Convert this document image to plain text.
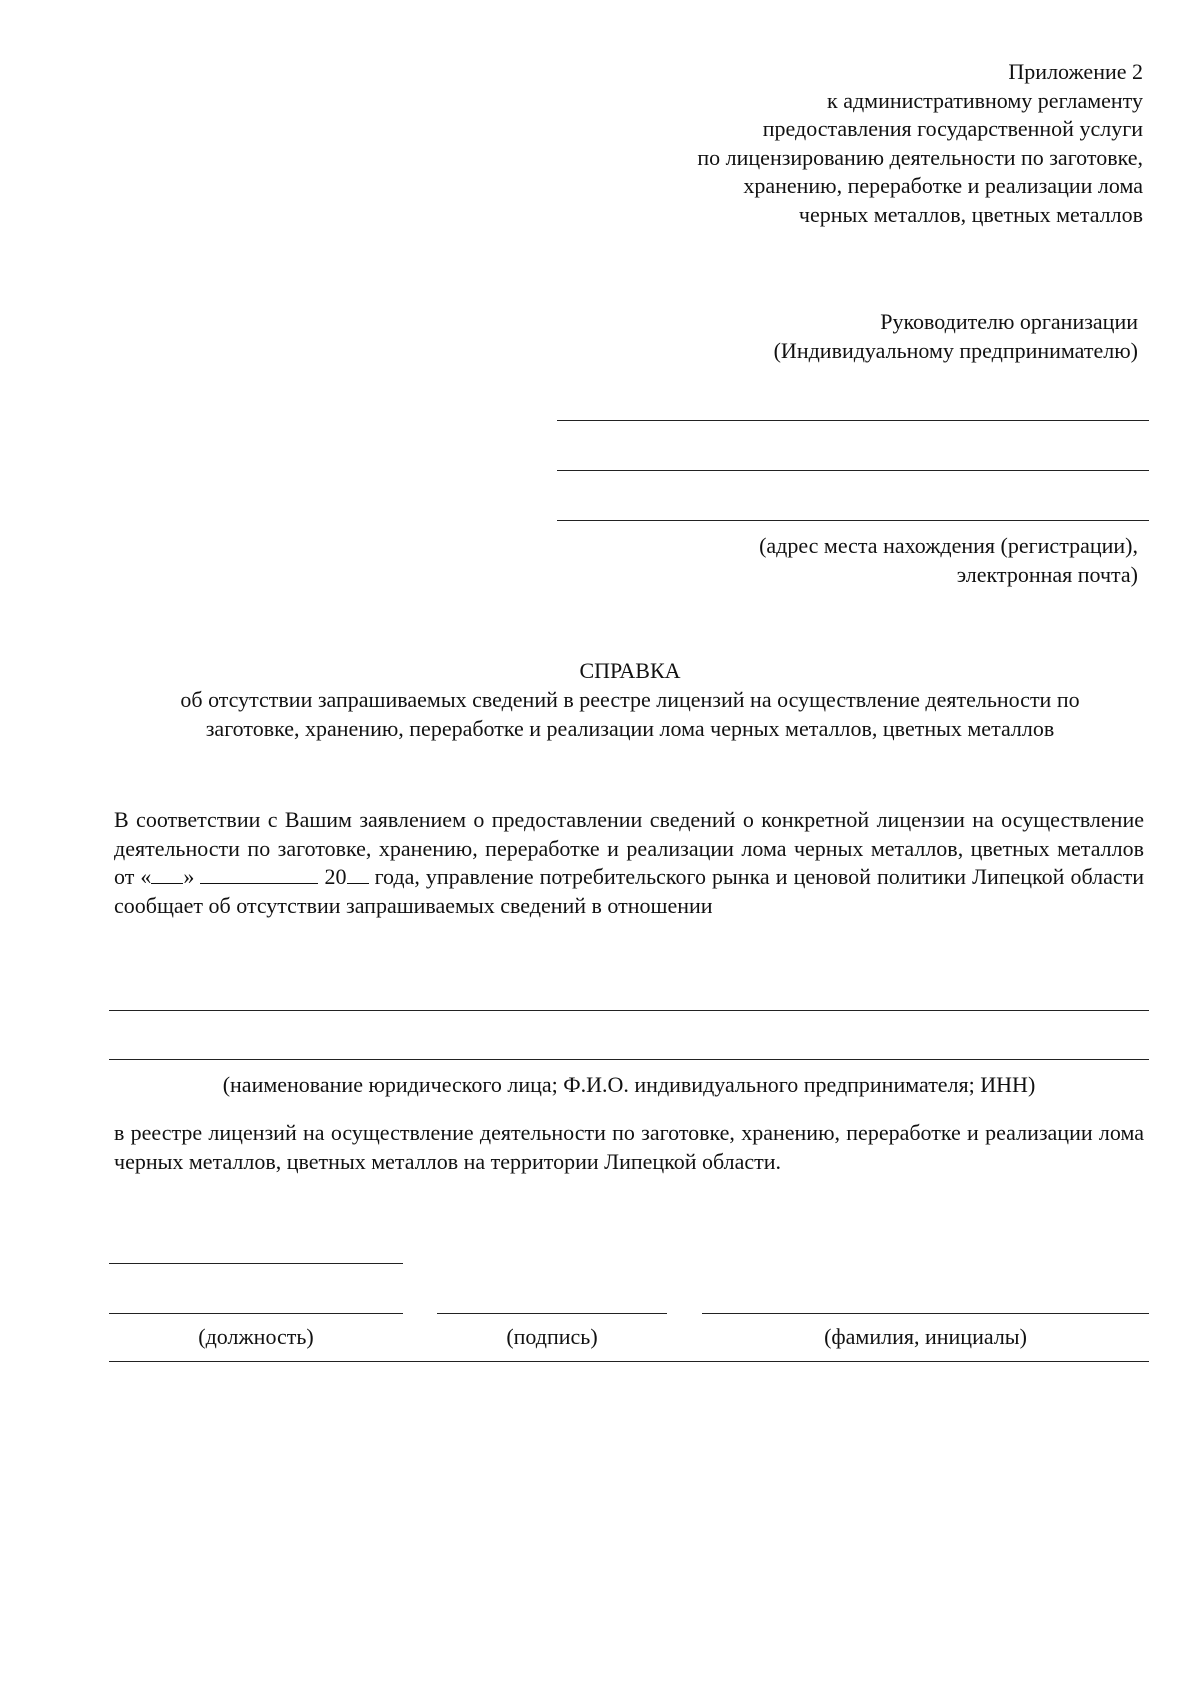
Приложение 2
к административному регламенту
предоставления государственной услуги
по лицензированию деятельности по заготовке,
хранению, переработке и реализации лома
черных металлов, цветных металлов
Руководителю организации
(Индивидуальному предпринимателю)
(адрес места нахождения (регистрации),
электронная почта)
СПРАВКА
об отсутствии запрашиваемых сведений в реестре лицензий на осуществление деятельности по
заготовке, хранению, переработке и реализации лома черных металлов, цветных металлов
В соответствии с Вашим заявлением о предоставлении сведений о конкретной лицензии на осуществление деятельности по заготовке, хранению, переработке и реализации лома черных металлов, цветных металлов от « »	20 года, управление потребительского рынка и ценовой политики Липецкой области сообщает об отсутствии запрашиваемых сведений в отношении
(наименование юридического лица; Ф.И.О. индивидуального предпринимателя; ИНН)
в реестре лицензий на осуществление деятельности по заготовке, хранению, переработке и реализации лома черных металлов, цветных металлов на территории Липецкой области.
(должность)	(подпись)	(фамилия, инициалы)
